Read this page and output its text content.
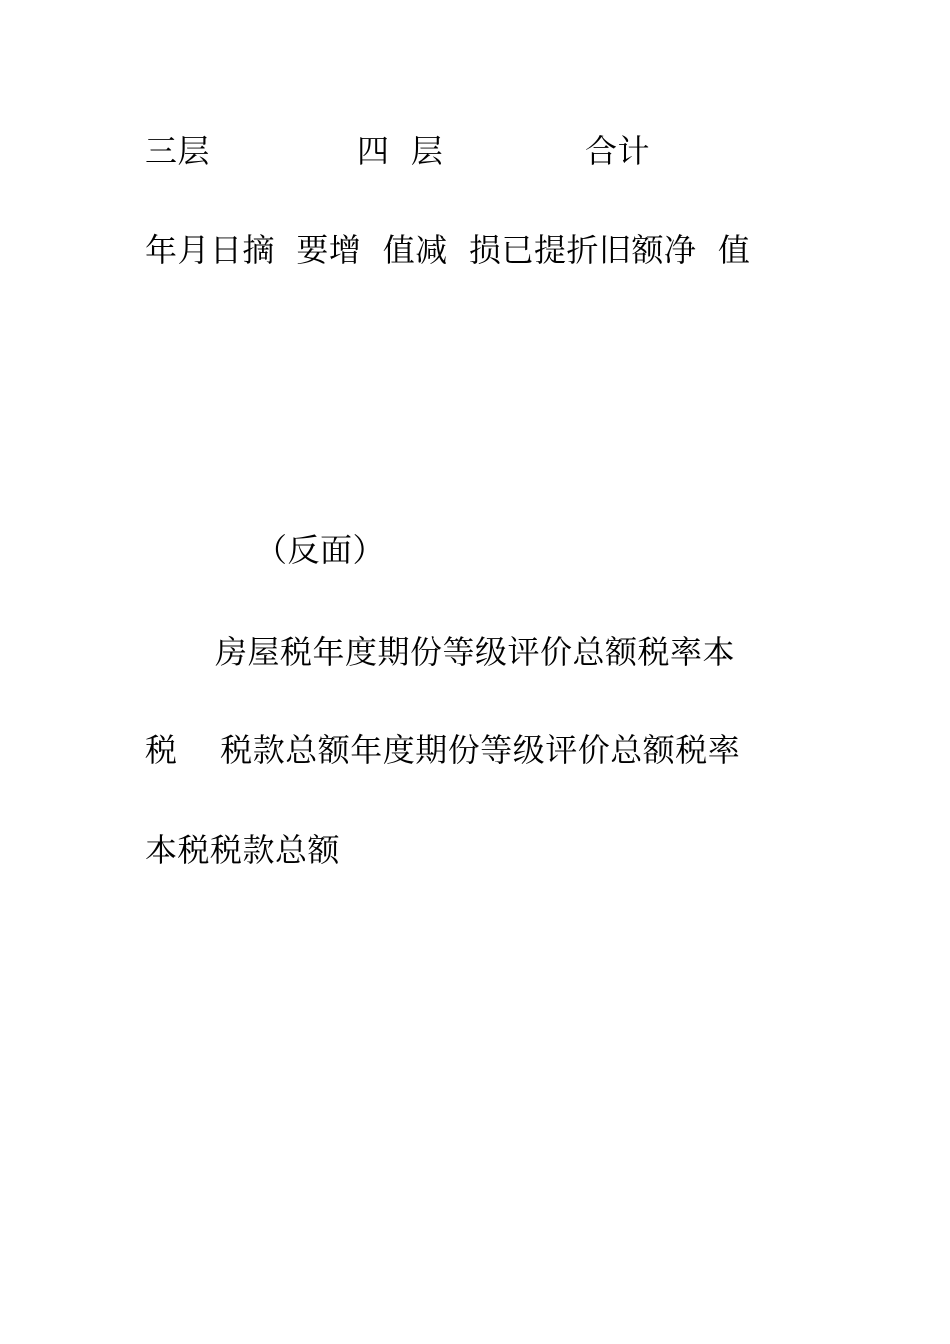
三层

	四  层

	合计

年月日摘  要增  值减  损已提折旧额净  值
（反面）
房屋税年度期份等级评价总额税率本
税    税款总额年度期份等级评价总额税率
本税税款总额
